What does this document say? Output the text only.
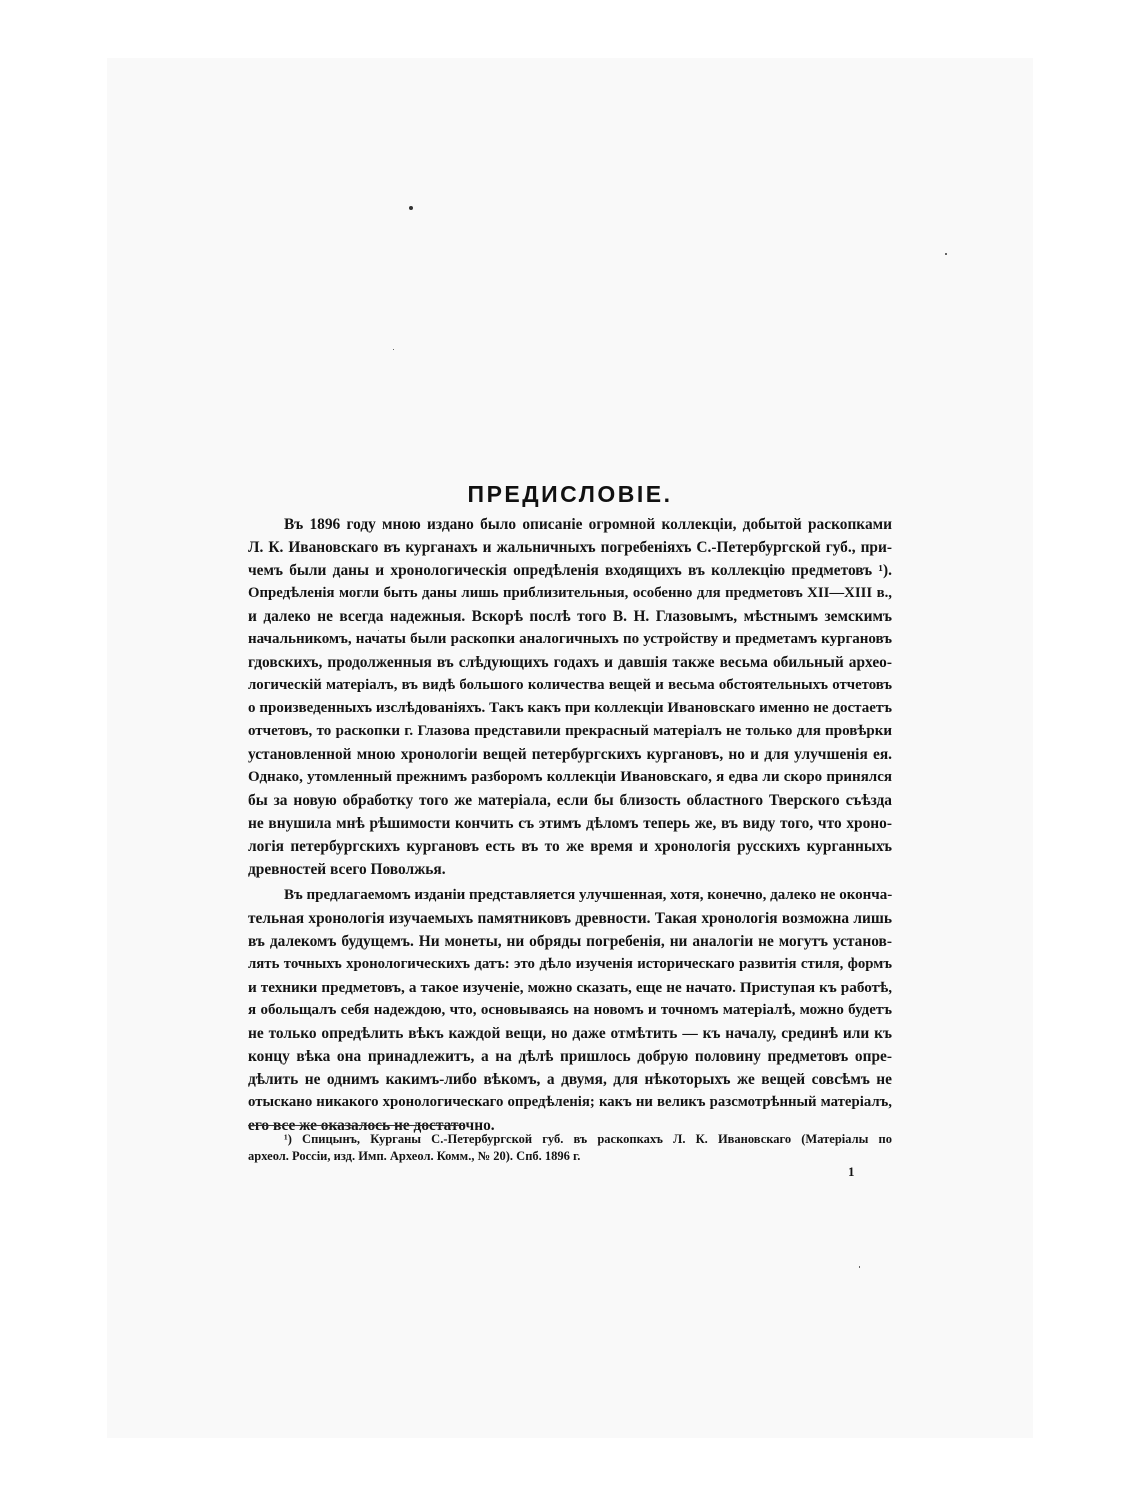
ПРЕДИСЛОВІЕ.
Въ 1896 году мною издано было описаніе огромной коллекціи, добытой раскопками
Л. К. Ивановскаго въ курганахъ и жальничныхъ погребеніяхъ С.-Петербургской губ., при-
чемъ были даны и хронологическія опредѣленія входящихъ въ коллекцію предметовъ ¹).
Опредѣленія могли быть даны лишь приблизительныя, особенно для предметовъ XII—XIII в.,
и далеко не всегда надежныя. Вскорѣ послѣ того В. Н. Глазовымъ, мѣстнымъ земскимъ
начальникомъ, начаты были раскопки аналогичныхъ по устройству и предметамъ кургановъ
гдовскихъ, продолженныя въ слѣдующихъ годахъ и давшія также весьма обильный архео-
логическій матеріалъ, въ видѣ большого количества вещей и весьма обстоятельныхъ отчетовъ
о произведенныхъ изслѣдованіяхъ. Такъ какъ при коллекціи Ивановскаго именно не достаетъ
отчетовъ, то раскопки г. Глазова представили прекрасный матеріалъ не только для провѣрки
установленной мною хронологіи вещей петербургскихъ кургановъ, но и для улучшенія ея.
Однако, утомленный прежнимъ разборомъ коллекціи Ивановскаго, я едва ли скоро принялся
бы за новую обработку того же матеріала, если бы близость областного Тверского съѣзда
не внушила мнѣ рѣшимости кончить съ этимъ дѣломъ теперь же, въ виду того, что хроно-
логія петербургскихъ кургановъ есть въ то же время и хронологія русскихъ курганныхъ
древностей всего Поволжья.
Въ предлагаемомъ изданіи представляется улучшенная, хотя, конечно, далеко не оконча-
тельная хронологія изучаемыхъ памятниковъ древности. Такая хронологія возможна лишь
въ далекомъ будущемъ. Ни монеты, ни обряды погребенія, ни аналогіи не могутъ установ-
лять точныхъ хронологическихъ датъ: это дѣло изученія историческаго развитія стиля, формъ
и техники предметовъ, а такое изученіе, можно сказать, еще не начато. Приступая къ работѣ,
я обольщалъ себя надеждою, что, основываясь на новомъ и точномъ матеріалѣ, можно будетъ
не только опредѣлить вѣкъ каждой вещи, но даже отмѣтить — къ началу, срединѣ или къ
концу вѣка она принадлежитъ, а на дѣлѣ пришлось добрую половину предметовъ опре-
дѣлить не однимъ какимъ-либо вѣкомъ, а двумя, для нѣкоторыхъ же вещей совсѣмъ не
отыскано никакого хронологическаго опредѣленія; какъ ни великъ разсмотрѣнный матеріалъ,
его все же оказалось не достаточно.
¹) Спицынъ, Курганы С.-Петербургской губ. въ раскопкахъ Л. К. Ивановскаго (Матеріалы по
археол. Россіи, изд. Имп. Археол. Комм., № 20). Спб. 1896 г.
1
